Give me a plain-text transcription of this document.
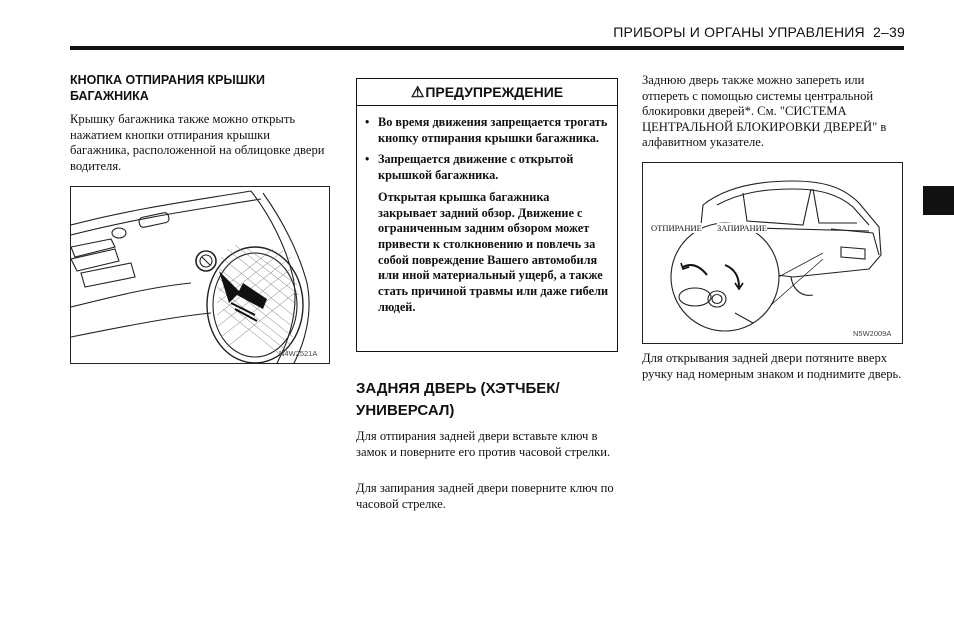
ПРИБОРЫ И ОРГАНЫ УПРАВЛЕНИЯ 2–39

КНОПКА ОТПИРАНИЯ КРЫШКИ БАГАЖНИКА

Крышку багажника также можно открыть нажатием кнопки отпирания крышки багажника, расположенной на облицовке двери водителя.

N4W2521A
⚠ ПРЕДУПРЕЖДЕНИЕ
• Во время движения запрещается трогать кнопку отпирания крышки багажника.
• Запрещается движение с открытой крышкой багажника.

Открытая крышка багажника закрывает задний обзор. Движение с ограниченным задним обзором может привести к столкновению и повлечь за собой повреждение Вашего автомобиля или иной материальный ущерб, а также стать причиной травмы или даже гибели людей.

ЗАДНЯЯ ДВЕРЬ (ХЭТЧБЕК/УНИВЕРСАЛ)

Для отпирания задней двери вставьте ключ в замок и поверните его против часовой стрелки.

Для запирания задней двери поверните ключ по часовой стрелке.

Заднюю дверь также можно запереть или отпереть с помощью системы центральной блокировки дверей*. См. "СИСТЕМА ЦЕНТРАЛЬНОЙ БЛОКИРОВКИ ДВЕРЕЙ" в алфавитном указателе.

ОТПИРАНИЕ ЗАПИРАНИЕ
N5W2009A

Для открывания задней двери потяните вверх ручку над номерным знаком и поднимите дверь.
